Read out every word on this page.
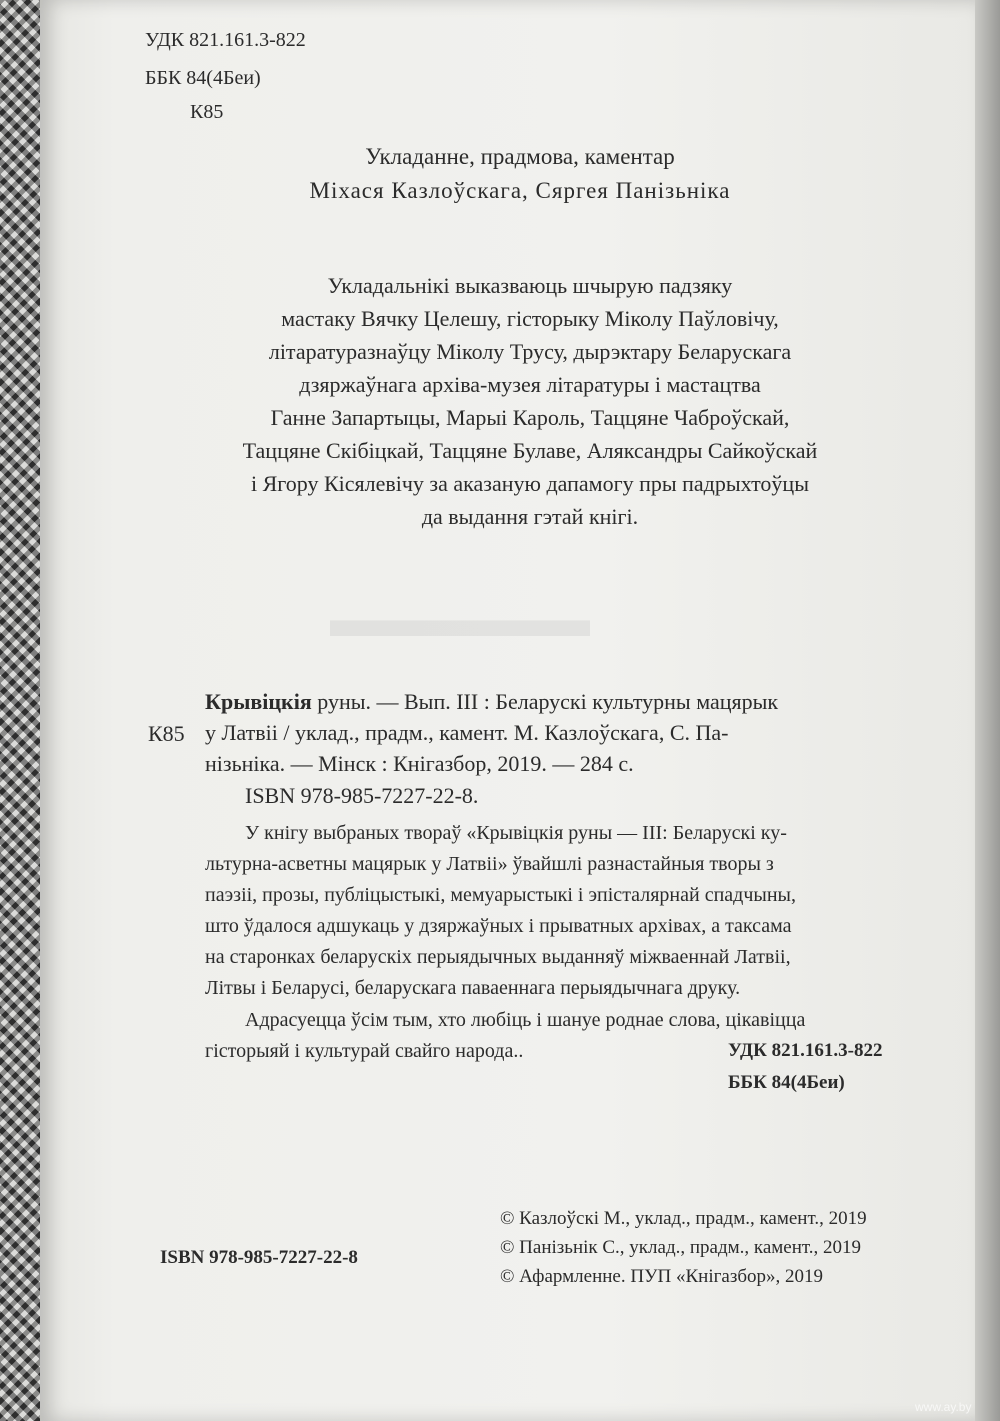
▬▬▬▬▬
УДК 821.161.3-822
ББК 84(4Беи)
К85
Укладанне, прадмова, каментар
Міхася Казлоўскага, Сяргея Панізьніка
Укладальнікі выказваюць шчырую падзяку
мастаку Вячку Целешу, гісторыку Міколу Паўловічу,
літаратуразнаўцу Міколу Трусу, дырэктару Беларускага
дзяржаўнага архіва-музея літаратуры і мастацтва
Ганне Запартыцы, Марыі Кароль, Таццяне Чаброўскай,
Таццяне Скібіцкай, Таццяне Булаве, Аляксандры Сайкоўскай
і Ягору Кісялевічу за аказаную дапамогу пры падрыхтоўцы
да выдання гэтай кнігі.
К85
Крывіцкія руны. — Вып. III : Беларускі культурны мацярык
у Латвіі / уклад., прадм., камент. М. Казлоўскага, С. Па-
нізьніка. — Мінск : Кнігазбор, 2019. — 284 с.
ISBN 978-985-7227-22-8.
У кнігу выбраных твораў «Крывіцкія руны — III: Беларускі ку-
льтурна-асветны мацярык у Латвіі» ўвайшлі разнастайныя творы з
паэзіі, прозы, публіцыстыкі, мемуарыстыкі і эпісталярнай спадчыны,
што ўдалося адшукаць у дзяржаўных і прыватных архівах, а таксама
на старонках беларускіх перыядычных выданняў міжваеннай Латвіі,
Літвы і Беларусі, беларускага паваеннага перыядычнага друку.
Адрасуецца ўсім тым, хто любіць і шануе роднае слова, цікавіцца
гісторыяй і культурай свайго народа..	УДК 821.161.3-822
ББК 84(4Беи)
ISBN 978-985-7227-22-8
© Казлоўскі М., уклад., прадм., камент., 2019
© Панізьнік С., уклад., прадм., камент., 2019
© Афармленне. ПУП «Кнігазбор», 2019
www.ay.by
